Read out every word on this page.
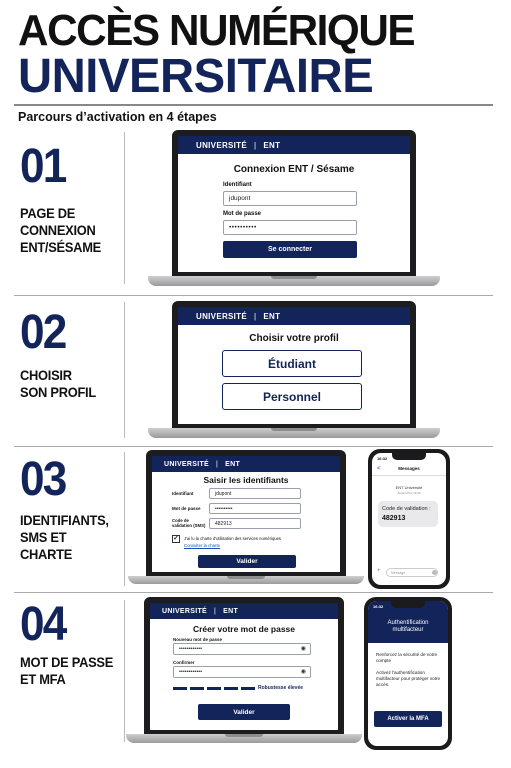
ACCÈS NUMÉRIQUE
UNIVERSITAIRE
Parcours d’activation en 4 étapes
01
PAGE DE
CONNEXION
ENT/SÉSAME
UNIVERSITÉ | ENT
Connexion ENT / Sésame
Identifiant
jdupont
Mot de passe
••••••••••
Se connecter
02
CHOISIR
SON PROFIL
UNIVERSITÉ | ENT
Choisir votre profil
Étudiant
Personnel
03
IDENTIFIANTS,
SMS ET
CHARTE
UNIVERSITÉ | ENT
Saisir les identifiants
Identifiant	jdupont
Mot de passe	••••••••••
Code de validation (SMS)	482913
✓ J'ai lu la charte d'utilisation des services numériques
Consulter la charte
Valider
16:32
<	Messages
ENT Université
Aujourd'hui 16:32
Code de validation :
482913
+	Message
04
MOT DE PASSE
ET MFA
UNIVERSITÉ | ENT
Créer votre mot de passe
Nouveau mot de passe
••••••••••••	◉
Confirmer
••••••••••••	◉
Robustesse élevée
Valider
16:32
Authentification multifacteur
Renforcez la sécurité de votre compte
Activez l'authentification multifacteur pour protéger votre accès.
Activer la MFA
